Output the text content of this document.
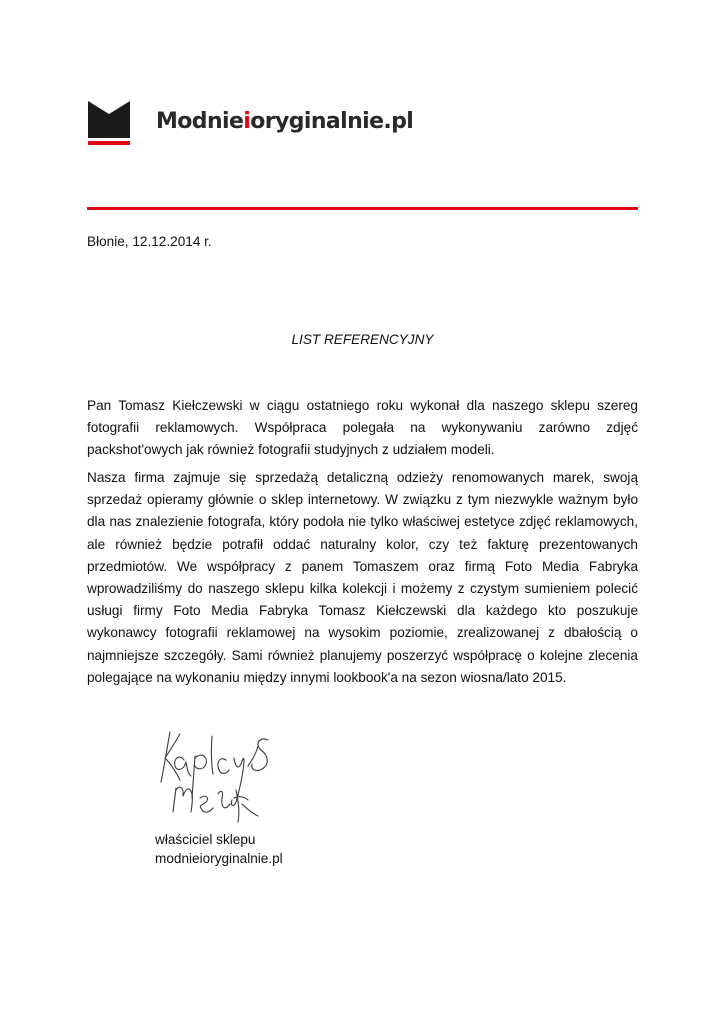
Modnieioryginalnie.pl
Błonie, 12.12.2014 r.
LIST REFERENCYJNY

Pan Tomasz Kiełczewski w ciągu ostatniego roku wykonał dla naszego sklepu szereg fotografii reklamowych. Współpraca polegała na wykonywaniu zarówno zdjęć packshot'owych jak również fotografii studyjnych z udziałem modeli.

Nasza firma zajmuje się sprzedażą detaliczną odzieży renomowanych marek, swoją sprzedaż opieramy głównie o sklep internetowy. W związku z tym niezwykle ważnym było dla nas znalezienie fotografa, który podoła nie tylko właściwej estetyce zdjęć reklamowych, ale również będzie potrafił oddać naturalny kolor, czy też fakturę prezentowanych przedmiotów. We współpracy z panem Tomaszem oraz firmą Foto Media Fabryka wprowadziliśmy do naszego sklepu kilka kolekcji i możemy z czystym sumieniem polecić usługi firmy Foto Media Fabryka Tomasz Kiełczewski dla każdego kto poszukuje wykonawcy fotografii reklamowej na wysokim poziomie, zrealizowanej z dbałością o najmniejsze szczegóły. Sami również planujemy poszerzyć współpracę o kolejne zlecenia polegające na wykonaniu między innymi lookbook'a na sezon wiosna/lato 2015.

właściciel sklepu
modnieioryginalnie.pl
